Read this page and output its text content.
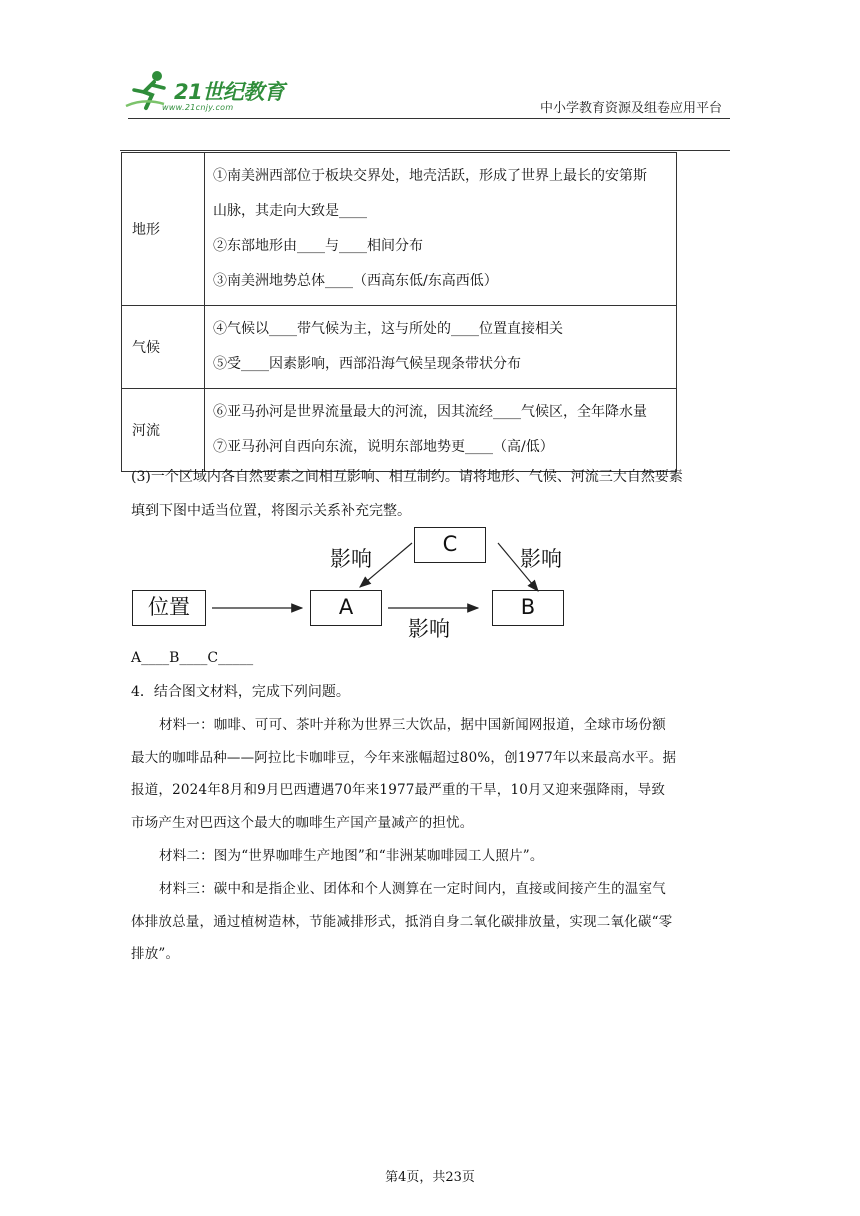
21世纪教育
www.21cnjy.com	中小学教育资源及组卷应用平台
地形	①南美洲西部位于板块交界处，地壳活跃，形成了世界上最长的安第斯
山脉，其走向大致是____
②东部地形由____与____相间分布
③南美洲地势总体____（西高东低/东高西低）

气候	④气候以____带气候为主，这与所处的____位置直接相关
⑤受____因素影响，西部沿海气候呈现条带状分布

河流	⑥亚马孙河是世界流量最大的河流，因其流经____气候区，全年降水量
⑦亚马孙河自西向东流，说明东部地势更____（高/低）
(3)一个区域内各自然要素之间相互影响、相互制约。请将地形、气候、河流三大自然要素
填到下图中适当位置，将图示关系补充完整。
位置	A	B
C
影响	影响
影响
A____B____C_____
4．结合图文材料，完成下列问题。
材料一：咖啡、可可、茶叶并称为世界三大饮品，据中国新闻网报道，全球市场份额
最大的咖啡品种——阿拉比卡咖啡豆，今年来涨幅超过80%，创1977年以来最高水平。据
报道，2024年8月和9月巴西遭遇70年来1977最严重的干旱，10月又迎来强降雨，导致
市场产生对巴西这个最大的咖啡生产国产量减产的担忧。
材料二：图为“世界咖啡生产地图”和“非洲某咖啡园工人照片”。
材料三：碳中和是指企业、团体和个人测算在一定时间内，直接或间接产生的温室气
体排放总量，通过植树造林，节能减排形式，抵消自身二氧化碳排放量，实现二氧化碳“零
排放”。
第4页，共23页
